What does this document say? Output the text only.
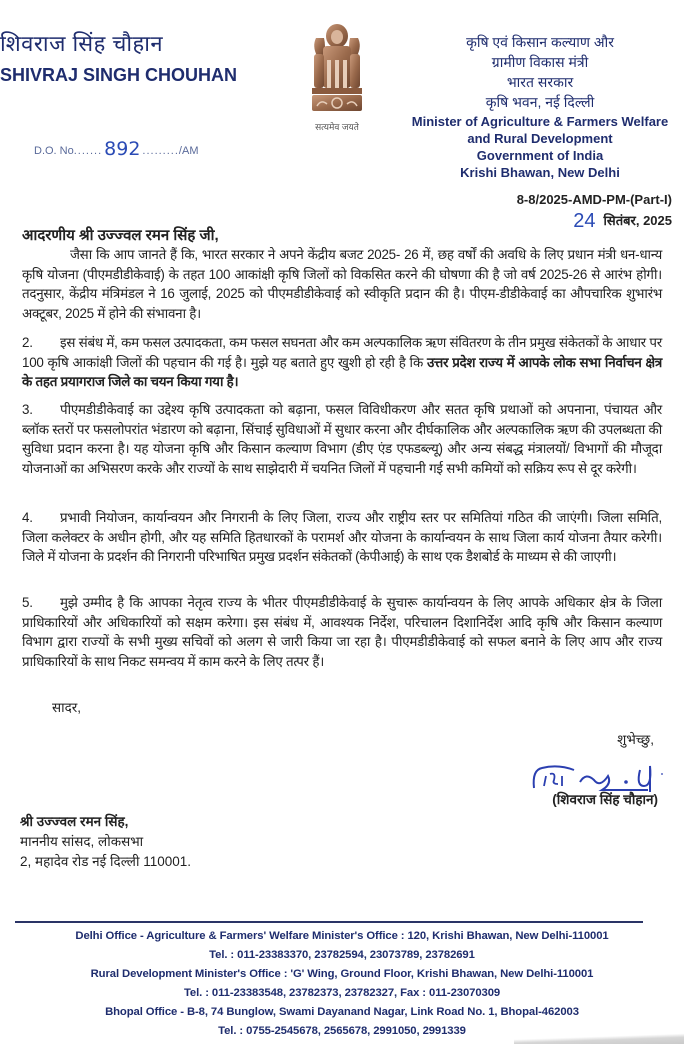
शिवराज सिंह चौहान
SHIVRAJ SINGH CHOUHAN
D.O. No....... 892 ........./AM
सत्यमेव जयते
कृषि एवं किसान कल्याण और
ग्रामीण विकास मंत्री
भारत सरकार
कृषि भवन, नई दिल्ली
Minister of Agriculture & Farmers Welfare
and Rural Development
Government of India
Krishi Bhawan, New Delhi
8-8/2025-AMD-PM-(Part-I)
24 सितंबर, 2025
आदरणीय श्री उज्ज्वल रमन सिंह जी,
जैसा कि आप जानते हैं कि, भारत सरकार ने अपने केंद्रीय बजट 2025- 26 में, छह वर्षों की अवधि के लिए प्रधान मंत्री धन-धान्य कृषि योजना (पीएमडीडीकेवाई) के तहत 100 आकांक्षी कृषि जिलों को विकसित करने की घोषणा की है जो वर्ष 2025-26 से आरंभ होगी। तदनुसार, केंद्रीय मंत्रिमंडल ने 16 जुलाई, 2025 को पीएमडीडीकेवाई को स्वीकृति प्रदान की है। पीएम-डीडीकेवाई का औपचारिक शुभारंभ अक्टूबर, 2025 में होने की संभावना है।
2. इस संबंध में, कम फसल उत्पादकता, कम फसल सघनता और कम अल्पकालिक ऋण संवितरण के तीन प्रमुख संकेतकों के आधार पर 100 कृषि आकांक्षी जिलों की पहचान की गई है। मुझे यह बताते हुए खुशी हो रही है कि उत्तर प्रदेश राज्य में आपके लोक सभा निर्वाचन क्षेत्र के तहत प्रयागराज जिले का चयन किया गया है।
3. पीएमडीडीकेवाई का उद्देश्य कृषि उत्पादकता को बढ़ाना, फसल विविधीकरण और सतत कृषि प्रथाओं को अपनाना, पंचायत और ब्लॉक स्तरों पर फसलोपरांत भंडारण को बढ़ाना, सिंचाई सुविधाओं में सुधार करना और दीर्घकालिक और अल्पकालिक ऋण की उपलब्धता की सुविधा प्रदान करना है। यह योजना कृषि और किसान कल्याण विभाग (डीए एंड एफडब्ल्यू) और अन्य संबद्ध मंत्रालयों/ विभागों की मौजूदा योजनाओं का अभिसरण करके और राज्यों के साथ साझेदारी में चयनित जिलों में पहचानी गई सभी कमियों को सक्रिय रूप से दूर करेगी।
4. प्रभावी नियोजन, कार्यान्वयन और निगरानी के लिए जिला, राज्य और राष्ट्रीय स्तर पर समितियां गठित की जाएंगी। जिला समिति, जिला कलेक्टर के अधीन होगी, और यह समिति हितधारकों के परामर्श और योजना के कार्यान्वयन के साथ जिला कार्य योजना तैयार करेगी। जिले में योजना के प्रदर्शन की निगरानी परिभाषित प्रमुख प्रदर्शन संकेतकों (केपीआई) के साथ एक डैशबोर्ड के माध्यम से की जाएगी।
5. मुझे उम्मीद है कि आपका नेतृत्व राज्य के भीतर पीएमडीडीकेवाई के सुचारू कार्यान्वयन के लिए आपके अधिकार क्षेत्र के जिला प्राधिकारियों और अधिकारियों को सक्षम करेगा। इस संबंध में, आवश्यक निर्देश, परिचालन दिशानिर्देश आदि कृषि और किसान कल्याण विभाग द्वारा राज्यों के सभी मुख्य सचिवों को अलग से जारी किया जा रहा है। पीएमडीडीकेवाई को सफल बनाने के लिए आप और राज्य प्राधिकारियों के साथ निकट समन्वय में काम करने के लिए तत्पर हैं।
सादर,
शुभेच्छु,
(शिवराज सिंह चौहान)
श्री उज्ज्वल रमन सिंह,
माननीय सांसद, लोकसभा
2, महादेव रोड नई दिल्ली 110001.
Delhi Office - Agriculture & Farmers' Welfare Minister's Office : 120, Krishi Bhawan, New Delhi-110001
Tel. : 011-23383370, 23782594, 23073789, 23782691
Rural Development Minister's Office : 'G' Wing, Ground Floor, Krishi Bhawan, New Delhi-110001
Tel. : 011-23383548, 23782373, 23782327, Fax : 011-23070309
Bhopal Office - B-8, 74 Bunglow, Swami Dayanand Nagar, Link Road No. 1, Bhopal-462003
Tel. : 0755-2545678, 2565678, 2991050, 2991339
